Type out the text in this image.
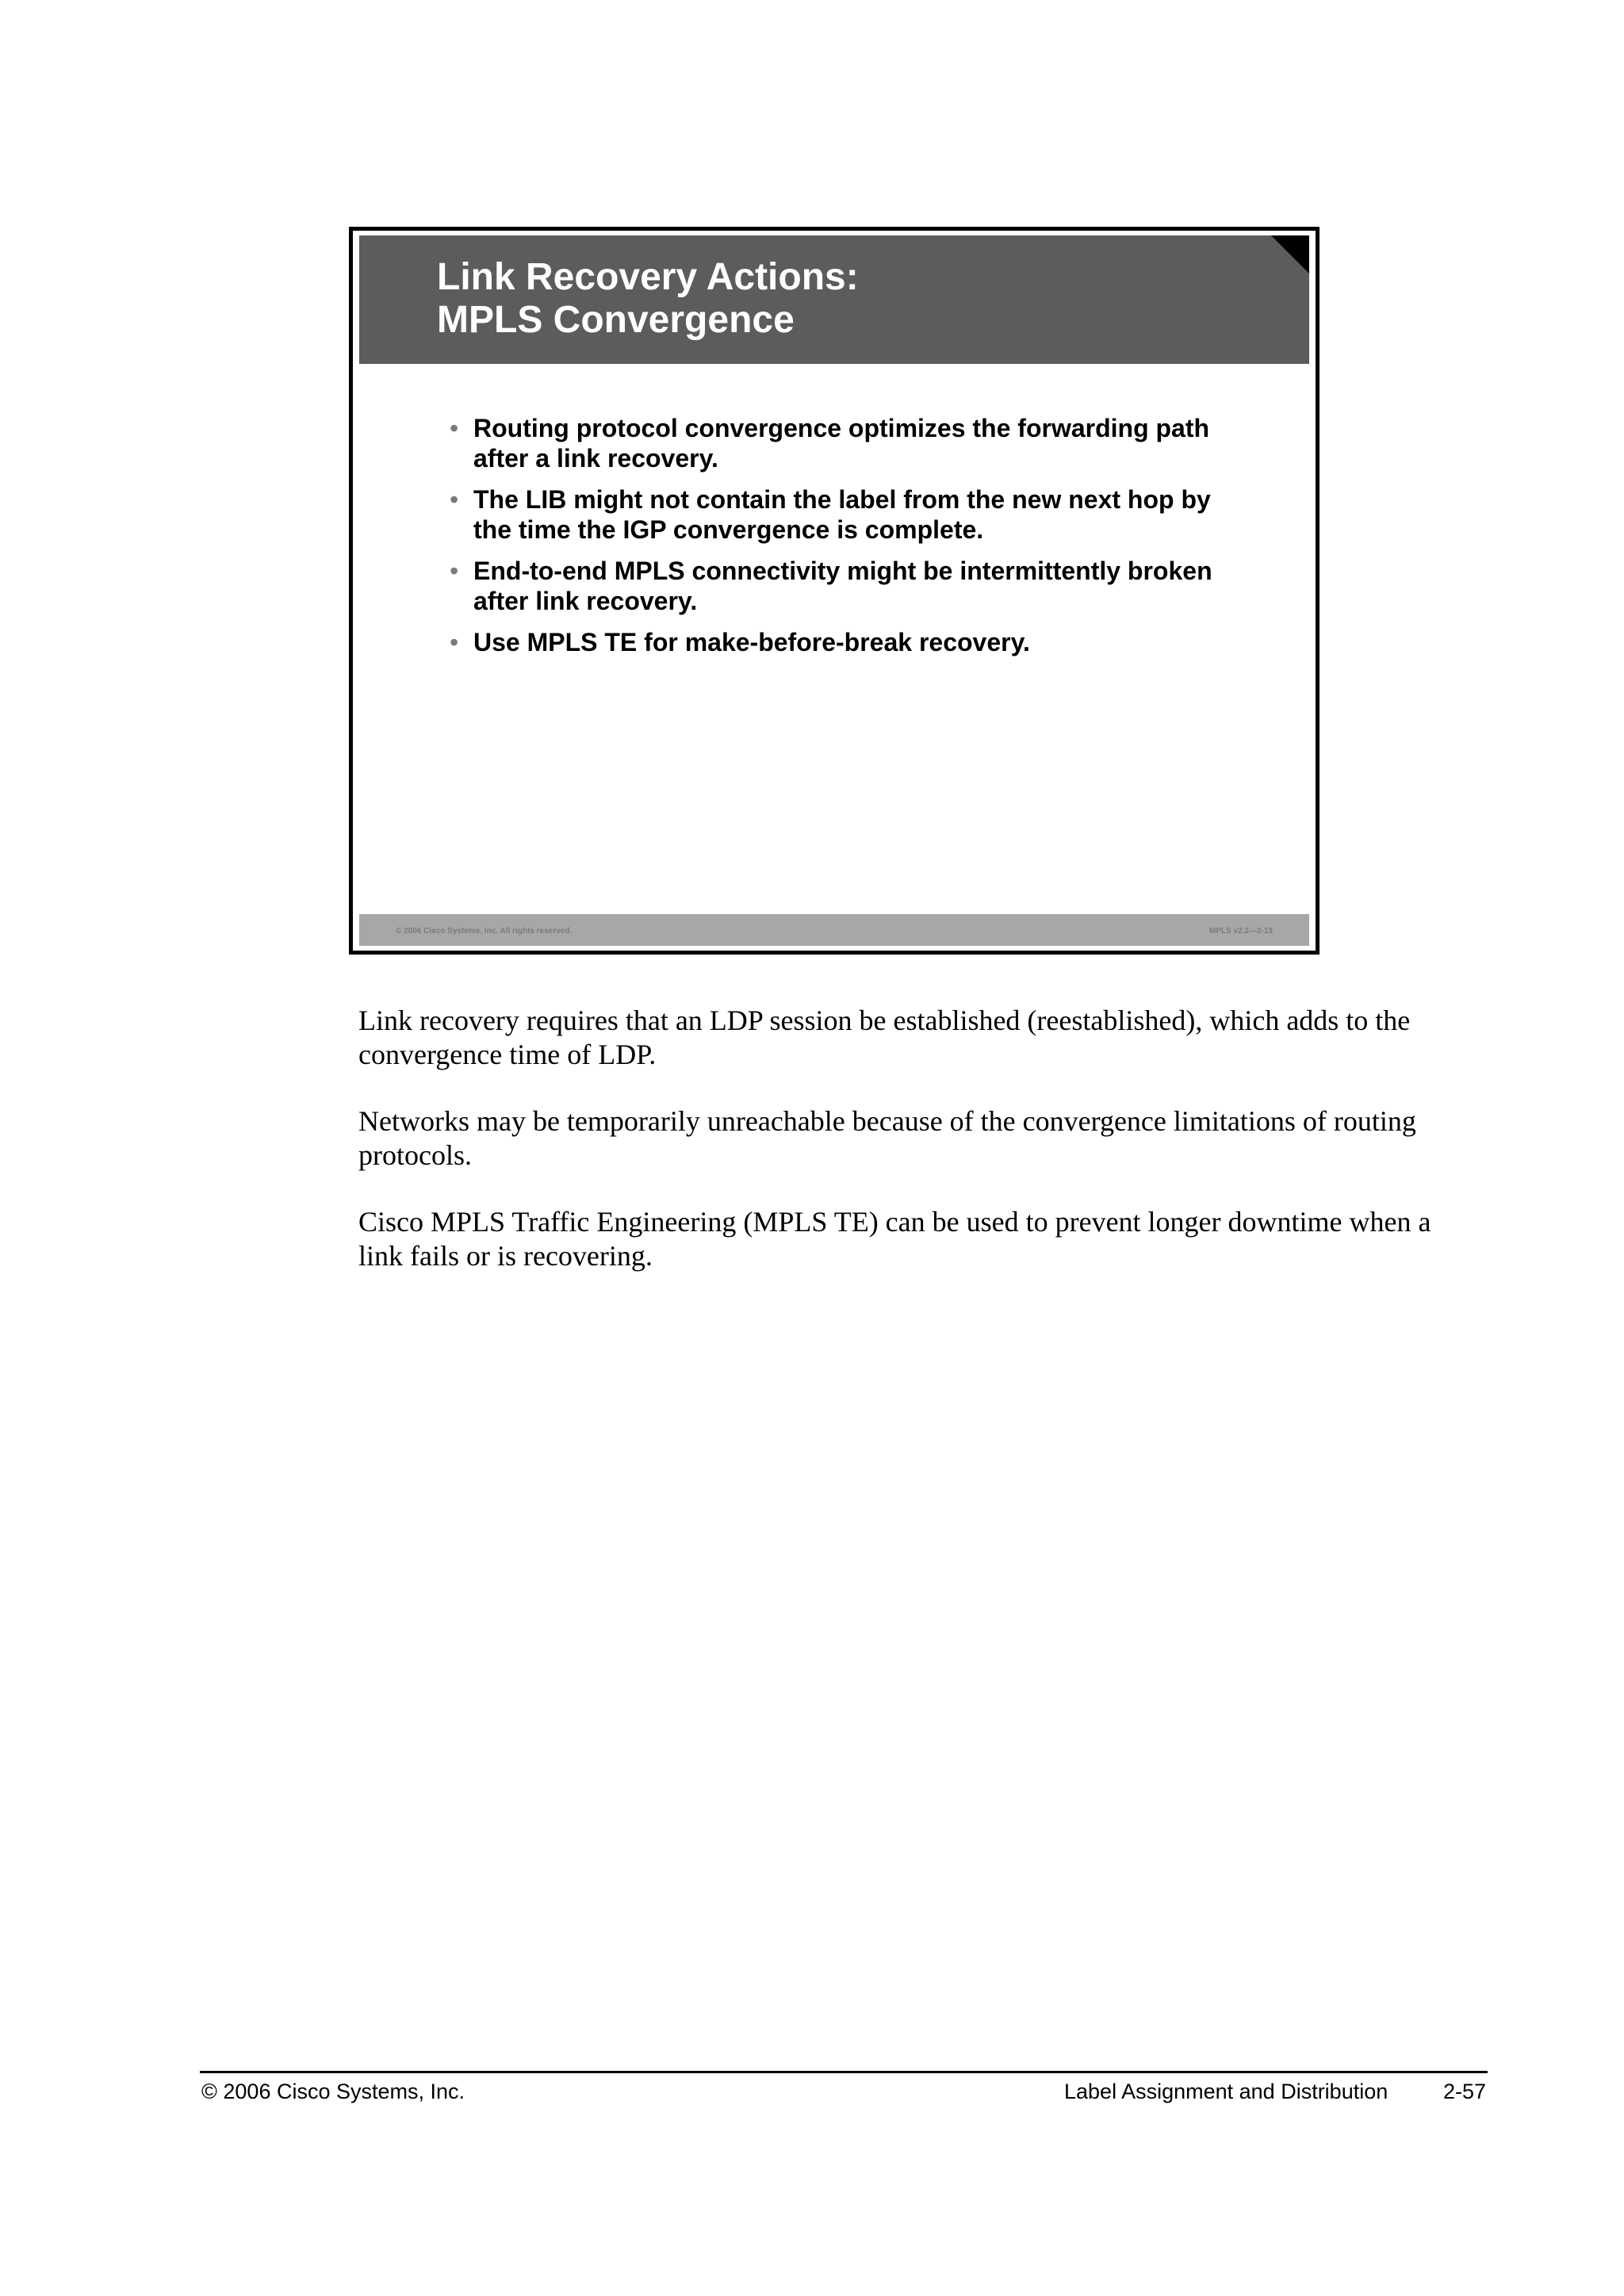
Link Recovery Actions:
MPLS Convergence
• Routing protocol convergence optimizes the forwarding path after a link recovery.
• The LIB might not contain the label from the new next hop by the time the IGP convergence is complete.
• End-to-end MPLS connectivity might be intermittently broken after link recovery.
• Use MPLS TE for make-before-break recovery.
© 2006 Cisco Systems, Inc. All rights reserved.	MPLS v2.2—2-13

Link recovery requires that an LDP session be established (reestablished), which adds to the convergence time of LDP.

Networks may be temporarily unreachable because of the convergence limitations of routing protocols.

Cisco MPLS Traffic Engineering (MPLS TE) can be used to prevent longer downtime when a link fails or is recovering.

© 2006 Cisco Systems, Inc.	Label Assignment and Distribution	2-57
